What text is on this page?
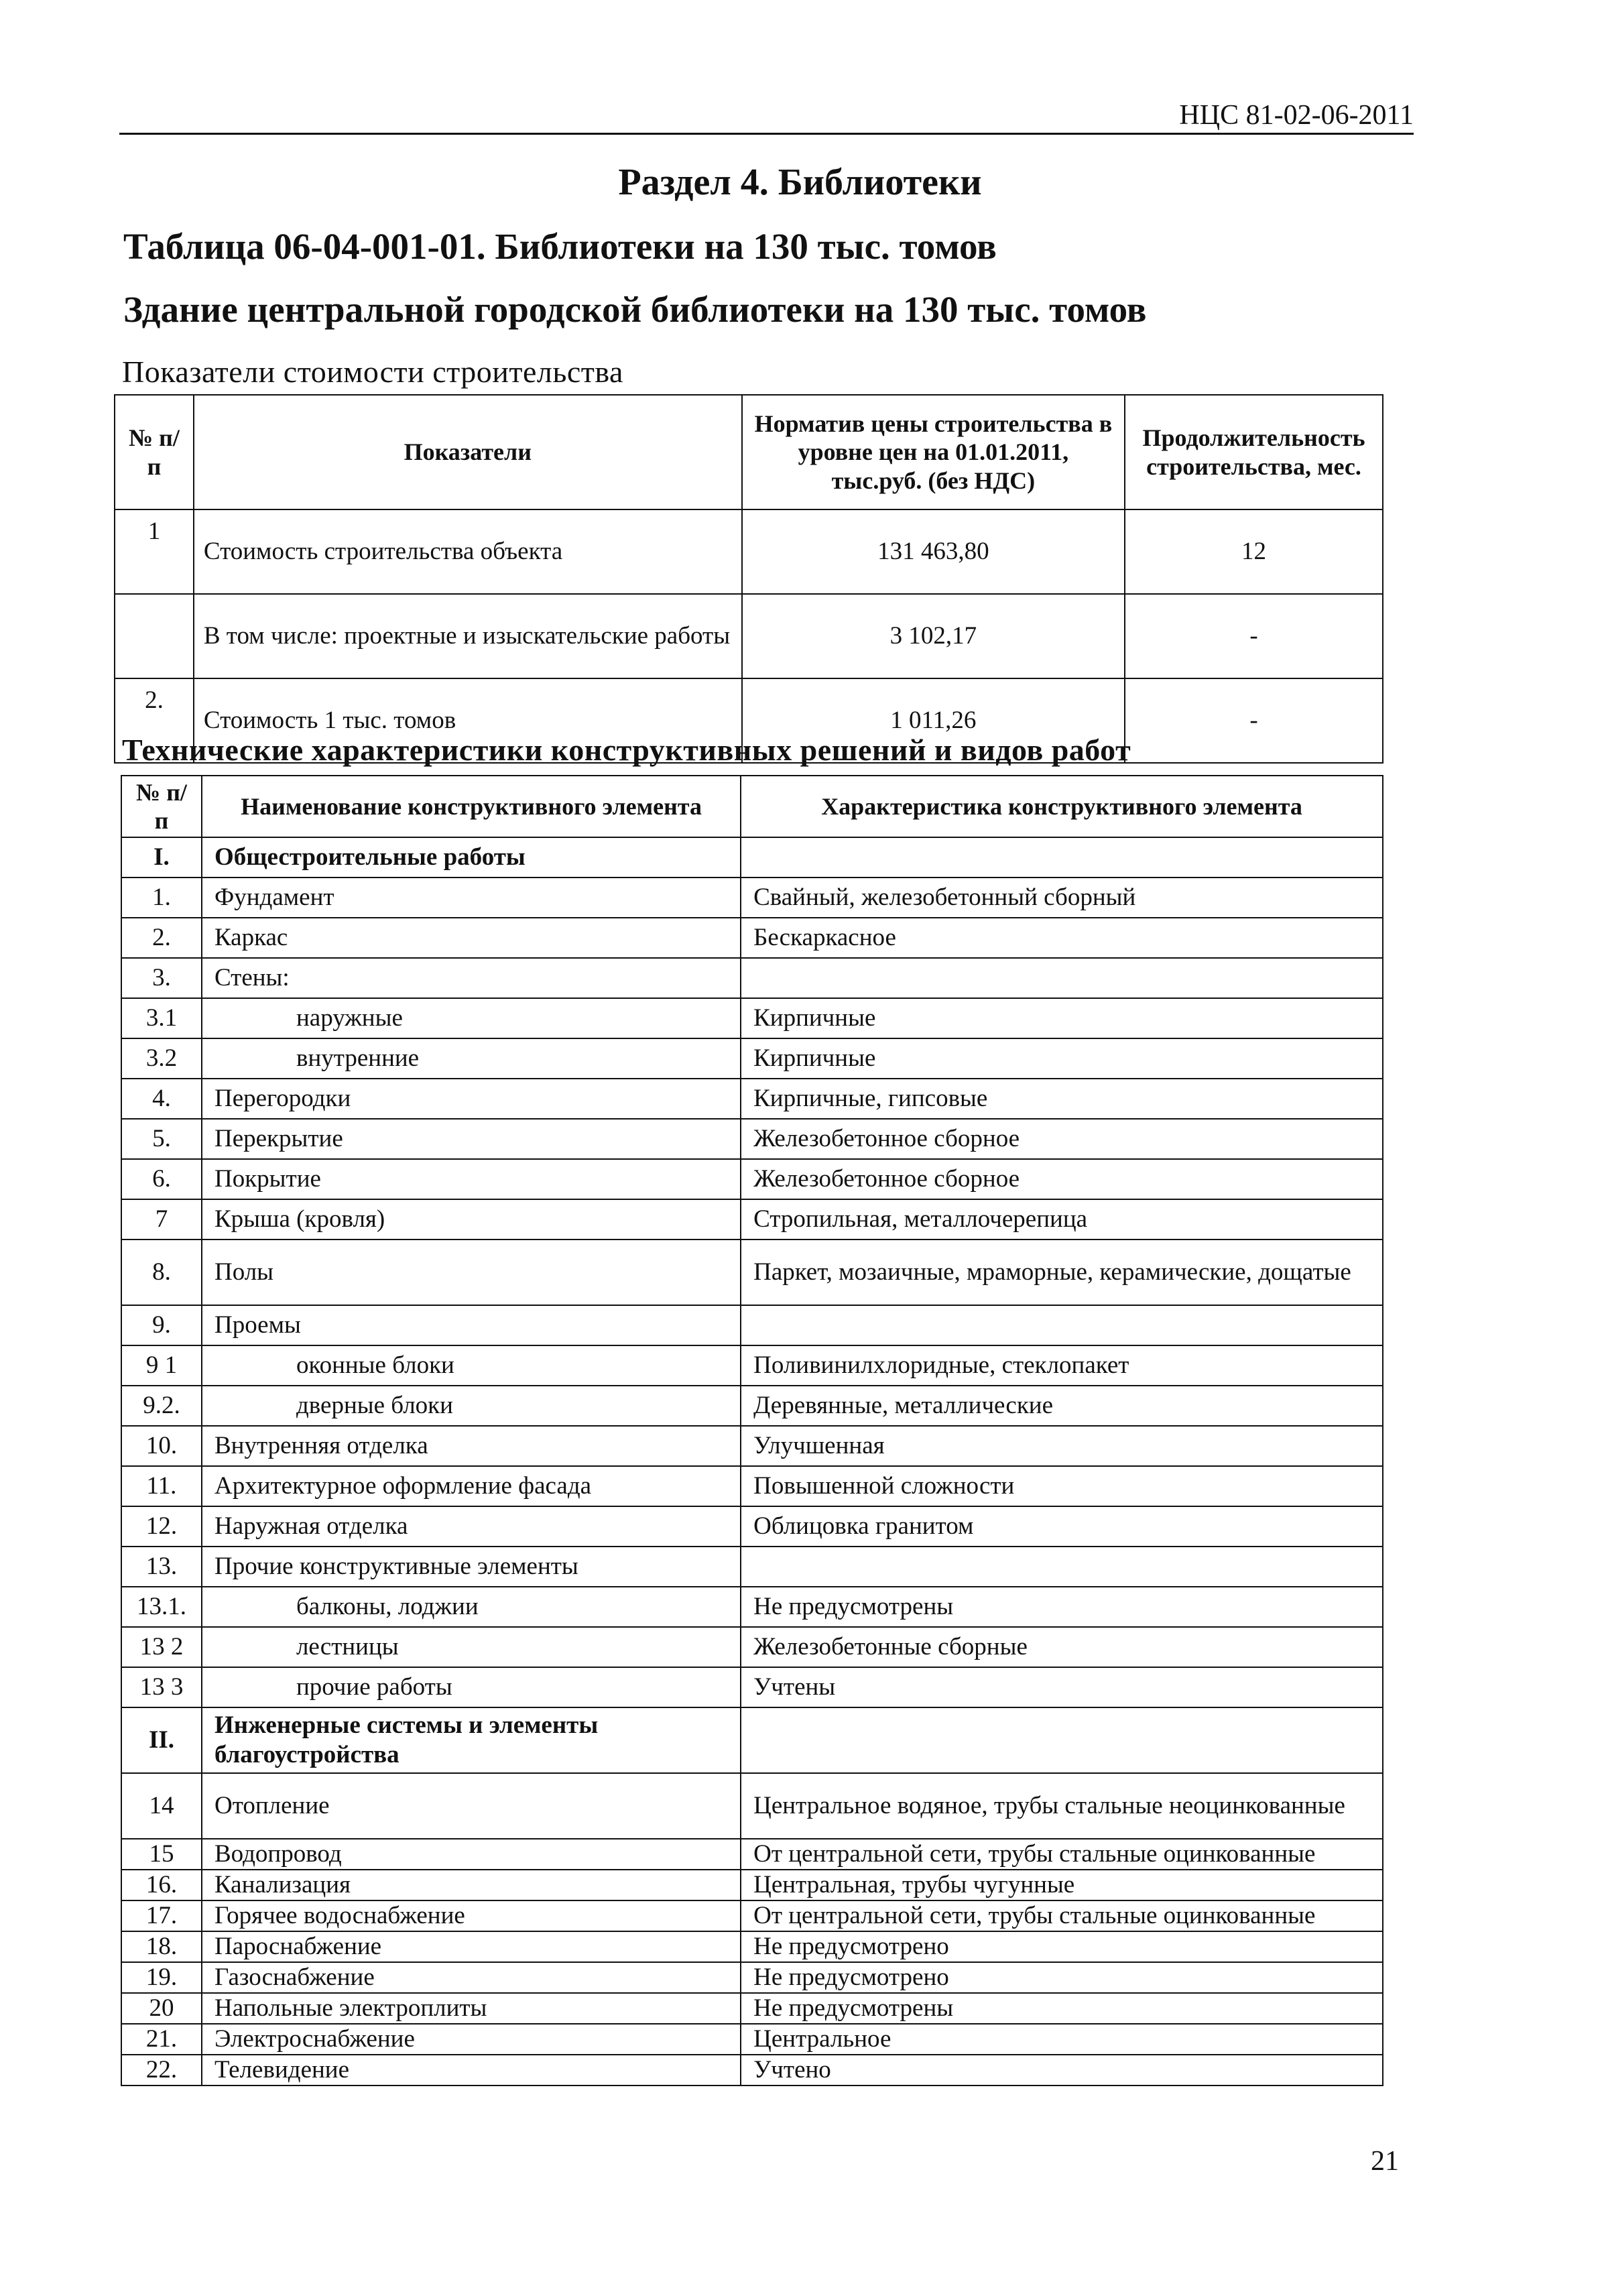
НЦС 81-02-06-2011
Раздел 4. Библиотеки
Таблица 06-04-001-01. Библиотеки на 130 тыс. томов
Здание центральной городской библиотеки на 130 тыс. томов
Показатели стоимости строительства
№ п/п	Показатели	Норматив цены строительства в уровне цен на 01.01.2011, тыс.руб. (без НДС)	Продолжительность строительства, мес.
1	Стоимость строительства объекта	131 463,80	12
	В том числе: проектные и изыскательские работы	3 102,17	-
2.	Стоимость 1 тыс. томов	1 011,26	-
Технические характеристики конструктивных решений и видов работ
№ п/п	Наименование конструктивного элемента	Характеристика конструктивного элемента
I.	Общестроительные работы	
1.	Фундамент	Свайный, железобетонный сборный
2.	Каркас	Бескаркасное
3.	Стены:	
3.1	наружные	Кирпичные
3.2	внутренние	Кирпичные
4.	Перегородки	Кирпичные, гипсовые
5.	Перекрытие	Железобетонное сборное
6.	Покрытие	Железобетонное сборное
7	Крыша (кровля)	Стропильная, металлочерепица
8.	Полы	Паркет, мозаичные, мраморные, керамические, дощатые
9.	Проемы	
9 1	оконные блоки	Поливинилхлоридные, стеклопакет
9.2.	дверные блоки	Деревянные, металлические
10.	Внутренняя отделка	Улучшенная
11.	Архитектурное оформление фасада	Повышенной сложности
12.	Наружная отделка	Облицовка гранитом
13.	Прочие конструктивные элементы	
13.1.	балконы, лоджии	Не предусмотрены
13 2	лестницы	Железобетонные сборные
13 3	прочие работы	Учтены
II.	Инженерные системы и элементы благоустройства	
14	Отопление	Центральное водяное, трубы стальные неоцинкованные
15	Водопровод	От центральной сети, трубы стальные оцинкованные
16.	Канализация	Центральная, трубы чугунные
17.	Горячее водоснабжение	От центральной сети, трубы стальные оцинкованные
18.	Пароснабжение	Не предусмотрено
19.	Газоснабжение	Не предусмотрено
20	Напольные электроплиты	Не предусмотрены
21.	Электроснабжение	Центральное
22.	Телевидение	Учтено
21
